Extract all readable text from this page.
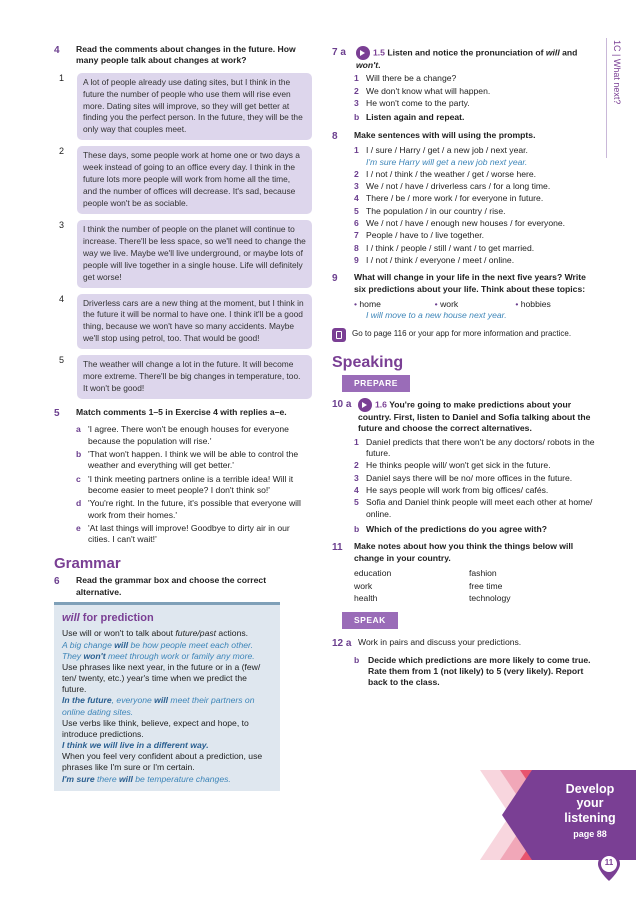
1C | What next?
4	Read the comments about changes in the future. How many people talk about changes at work?
1	A lot of people already use dating sites, but I think in the future the number of people who use them will rise even more. Dating sites will improve, so they will get better at finding you the perfect person. In the future, they will be the only way that couples meet.
2	These days, some people work at home one or two days a week instead of going to an office every day. I think in the future lots more people will work from home all the time, and the number of offices will decrease. It's sad, because people won't be as sociable.
3	I think the number of people on the planet will continue to increase. There'll be less space, so we'll need to change the way we live. Maybe we'll live underground, or maybe lots of people will live together in a single house. Life will definitely get worse!
4	Driverless cars are a new thing at the moment, but I think in the future it will be normal to have one. I think it'll be a good thing, because we won't have so many accidents. Maybe we'll stop using petrol, too. That would be good!
5	The weather will change a lot in the future. It will become more extreme. There'll be big changes in temperature, too. It won't be good!
5	Match comments 1–5 in Exercise 4 with replies a–e.
a 'I agree. There won't be enough houses for everyone because the population will rise.'
b 'That won't happen. I think we will be able to control the weather and everything will get better.'
c 'I think meeting partners online is a terrible idea! Will it become easier to meet people? I don't think so!'
d 'You're right. In the future, it's possible that everyone will work from their homes.'
e 'At last things will improve! Goodbye to dirty air in our cities. I can't wait!'
Grammar
6	Read the grammar box and choose the correct alternative.
will for prediction
Use will or won't to talk about future/past actions.
A big change will be how people meet each other.
They won't meet through work or family any more.
Use phrases like next year, in the future or in a (few/ ten/ twenty, etc.) year's time when we predict the future.
In the future, everyone will meet their partners on online dating sites.
Use verbs like think, believe, expect and hope, to introduce predictions.
I think we will live in a different way.
When you feel very confident about a prediction, use phrases like I'm sure or I'm certain.
I'm sure there will be temperature changes.
7 a	1.5 Listen and notice the pronunciation of will and won't.
1 Will there be a change?
2 We don't know what will happen.
3 He won't come to the party.
b Listen again and repeat.
8	Make sentences with will using the prompts.
1 I / sure / Harry / get / a new job / next year.
I'm sure Harry will get a new job next year.
2 I / not / think / the weather / get / worse here.
3 We / not / have / driverless cars / for a long time.
4 There / be / more work / for everyone in future.
5 The population / in our country / rise.
6 We / not / have / enough new houses / for everyone.
7 People / have to / live together.
8 I / think / people / still / want / to get married.
9 I / not / think / everyone / meet / online.
9	What will change in your life in the next five years? Write six predictions about your life. Think about these topics:
• home	• work	• hobbies
I will move to a new house next year.
Go to page 116 or your app for more information and practice.
Speaking
PREPARE
10 a	1.6 You're going to make predictions about your country. First, listen to Daniel and Sofia talking about the future and choose the correct alternatives.
1 Daniel predicts that there won't be any doctors/ robots in the future.
2 He thinks people will/ won't get sick in the future.
3 Daniel says there will be no/ more offices in the future.
4 He says people will work from big offices/ cafés.
5 Sofia and Daniel think people will meet each other at home/ online.
b Which of the predictions do you agree with?
11	Make notes about how you think the things below will change in your country.
education	fashion
work	free time
health	technology
SPEAK
12 a Work in pairs and discuss your predictions.
b	Decide which predictions are more likely to come true. Rate them from 1 (not likely) to 5 (very likely). Report back to the class.
Develop
your
listening
page 88
11
